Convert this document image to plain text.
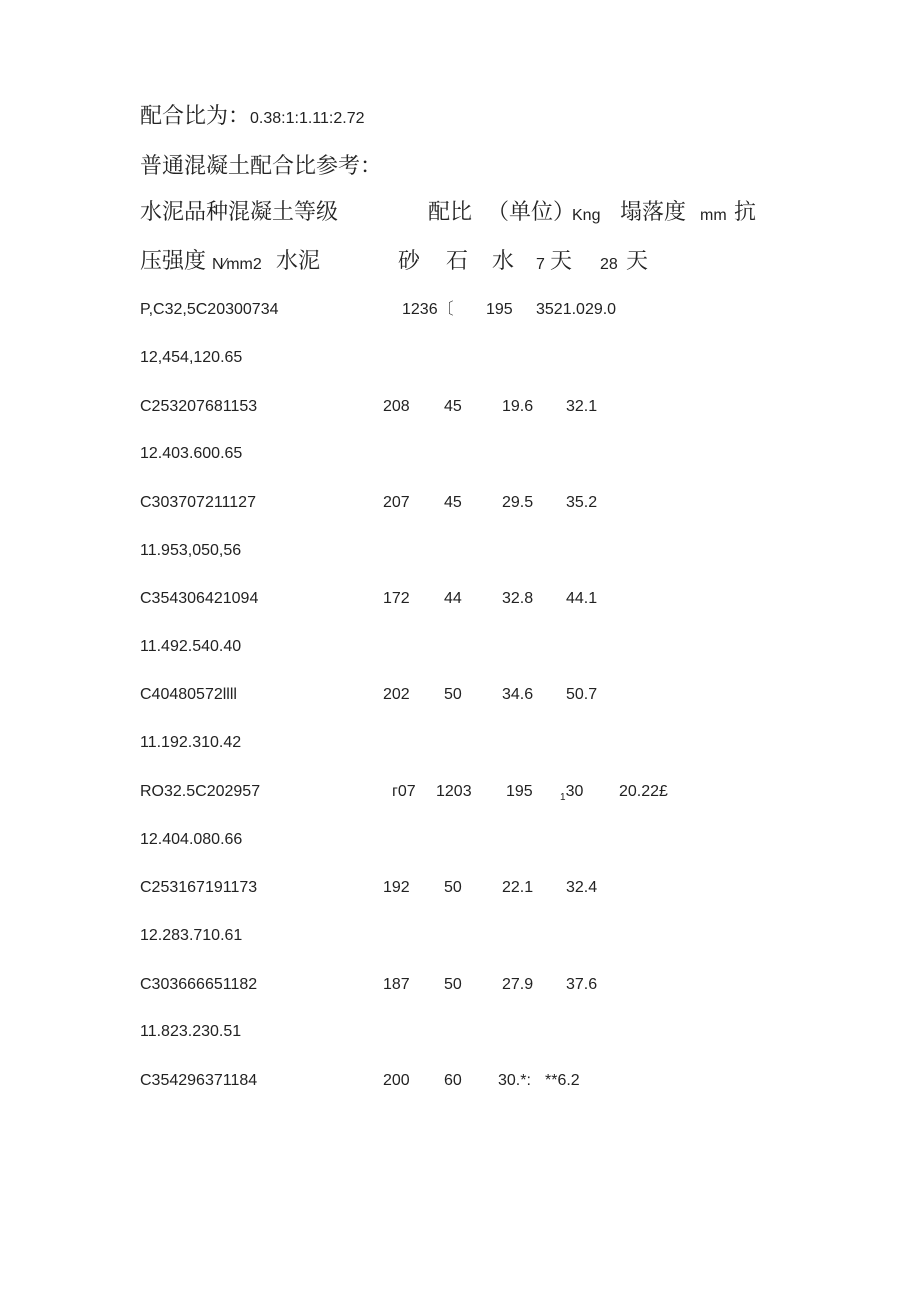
配合比为：0.38:1:1.11:2.72
普通混凝土配合比参考：
水泥品种混凝土等级	配比 （单位）
Kng 塌落度 mm 抗
压强度 N⁄mm2 水泥	砂 石 水 7 天 28 天
P,C32,5C20300734	1236〔 195 3521.029.0
12,454,120.65
C253207681153	208 45	19.6 32.1
12.403.600.65
C303707211127	207 45	29.5 35.2
11.953,050,56
C354306421094	172 44	32.8 44.1
11.492.540.40
C40480572llll	202 50	34.6 50.7
11.192.310.42
RO32.5C202957	ᴦ07 1203 195	$_1$30 20.22£
12.404.080.66
C253167191173	192 50	22.1 32.4
12.283.710.61
C303666651182	187 50	27.9 37.6
11.823.230.51
C354296371184	200 60 30.*: **6.2
